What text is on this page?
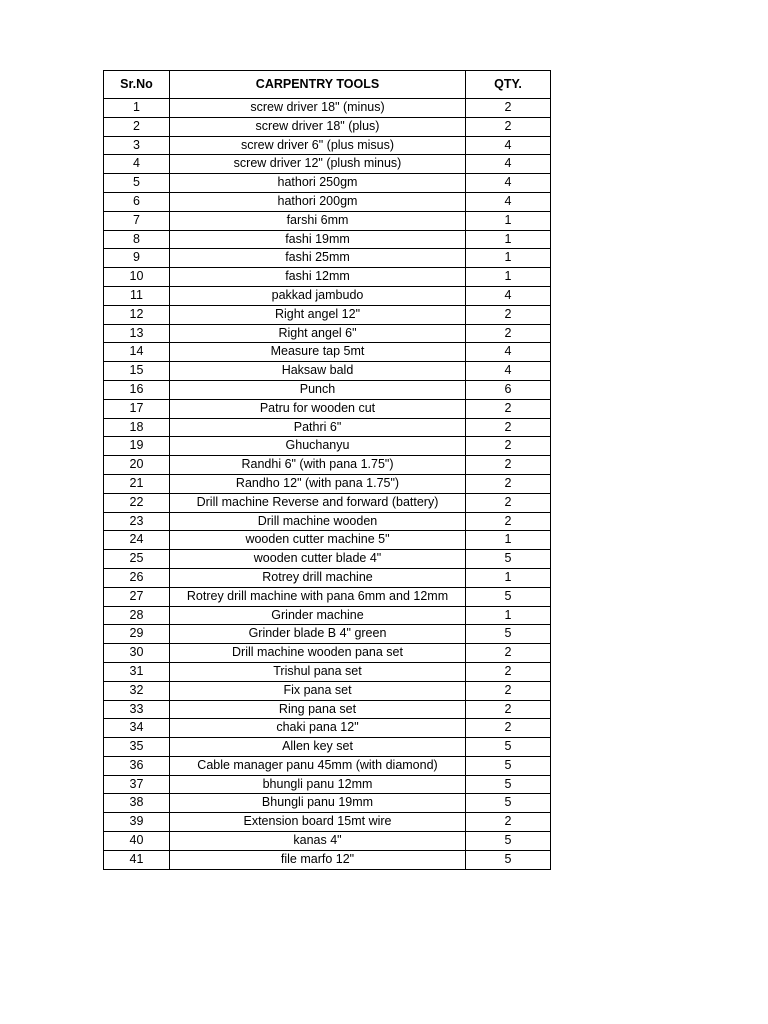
Sr.No	CARPENTRY TOOLS	QTY.
1	screw driver 18" (minus)	2
2	screw driver 18" (plus)	2
3	screw driver 6" (plus misus)	4
4	screw driver 12" (plush minus)	4
5	hathori 250gm	4
6	hathori 200gm	4
7	farshi 6mm	1
8	fashi 19mm	1
9	fashi 25mm	1
10	fashi 12mm	1
11	pakkad jambudo	4
12	Right angel 12"	2
13	Right angel 6"	2
14	Measure tap 5mt	4
15	Haksaw bald	4
16	Punch	6
17	Patru for wooden cut	2
18	Pathri 6"	2
19	Ghuchanyu	2
20	Randhi 6" (with pana 1.75")	2
21	Randho 12" (with pana 1.75")	2
22	Drill machine Reverse and forward (battery)	2
23	Drill machine wooden	2
24	wooden cutter machine 5"	1
25	wooden cutter blade 4"	5
26	Rotrey drill machine	1
27	Rotrey drill machine with pana 6mm and 12mm	5
28	Grinder machine	1
29	Grinder blade B 4" green	5
30	Drill machine wooden pana set	2
31	Trishul pana set	2
32	Fix pana set	2
33	Ring pana set	2
34	chaki pana 12"	2
35	Allen key set	5
36	Cable manager panu 45mm (with diamond)	5
37	bhungli panu 12mm	5
38	Bhungli panu 19mm	5
39	Extension board 15mt wire	2
40	kanas 4"	5
41	file marfo 12"	5
